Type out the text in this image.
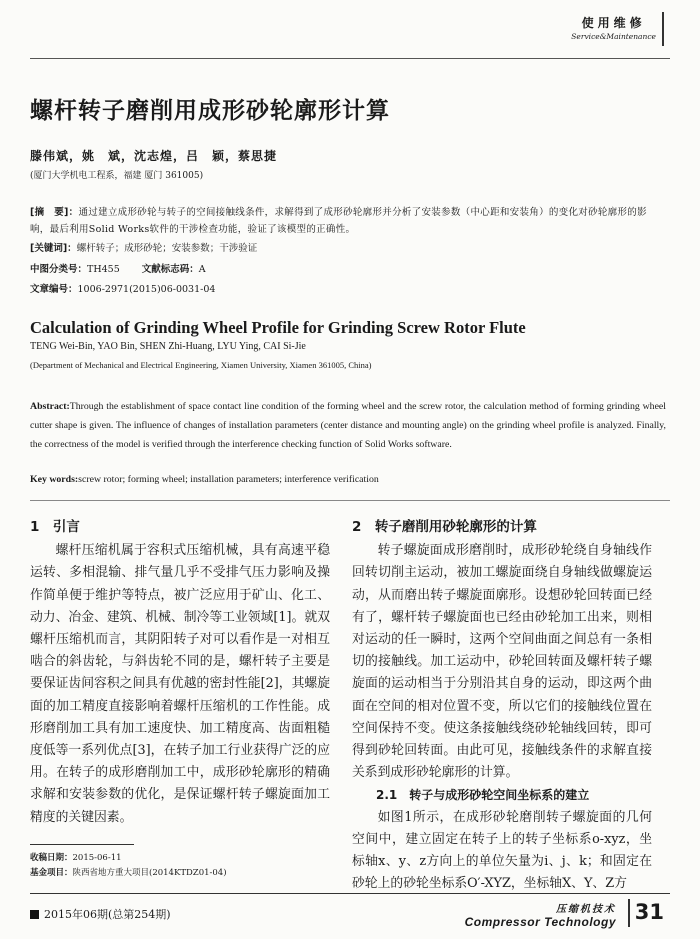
使用维修
Service&Maintenance
螺杆转子磨削用成形砂轮廓形计算
滕伟斌，姚　斌，沈志煌，吕　颖，蔡思捷
(厦门大学机电工程系，福建 厦门 361005)
[摘　要]：通过建立成形砂轮与转子的空间接触线条件，求解得到了成形砂轮廓形并分析了安装参数（中心距和安装角）的变化对砂轮廓形的影响，最后利用Solid Works软件的干涉检查功能，验证了该模型的正确性。
[关键词]：螺杆转子；成形砂轮；安装参数；干涉验证
中图分类号：TH455 文献标志码：A
文章编号：1006-2971(2015)06-0031-04
Calculation of Grinding Wheel Profile for Grinding Screw Rotor Flute
TENG Wei-Bin, YAO Bin, SHEN Zhi-Huang, LYU Ying, CAI Si-Jie
(Department of Mechanical and Electrical Engineering, Xiamen University, Xiamen 361005, China)
Abstract:Through the establishment of space contact line condition of the forming wheel and the screw rotor, the calculation method of forming grinding wheel cutter shape is given. The influence of changes of installation parameters (center distance and mounting angle) on the grinding wheel profile is analyzed. Finally, the correctness of the model is verified through the interference checking function of Solid Works software.
Key words:screw rotor; forming wheel; installation parameters; interference verification
1　引言

螺杆压缩机属于容积式压缩机械，具有高速平稳运转、多相混输、排气量几乎不受排气压力影响及操作简单便于维护等特点，被广泛应用于矿山、化工、动力、冶金、建筑、机械、制冷等工业领域[1]。就双螺杆压缩机而言，其阴阳转子对可以看作是一对相互啮合的斜齿轮，与斜齿轮不同的是，螺杆转子主要是要保证齿间容积之间具有优越的密封性能[2]，其螺旋面的加工精度直接影响着螺杆压缩机的工作性能。成形磨削加工具有加工速度快、加工精度高、齿面粗糙度低等一系列优点[3]，在转子加工行业获得广泛的应用。在转子的成形磨削加工中，成形砂轮廓形的精确求解和安装参数的优化，是保证螺杆转子螺旋面加工精度的关键因素。

2　转子磨削用砂轮廓形的计算

转子螺旋面成形磨削时，成形砂轮绕自身轴线作回转切削主运动，被加工螺旋面绕自身轴线做螺旋运动，从而磨出转子螺旋面廓形。设想砂轮回转面已经有了，螺杆转子螺旋面也已经由砂轮加工出来，则相对运动的任一瞬时，这两个空间曲面之间总有一条相切的接触线。加工运动中，砂轮回转面及螺杆转子螺旋面的运动相当于分别沿其自身的运动，即这两个曲面在空间的相对位置不变，所以它们的接触线位置在空间保持不变。使这条接触线绕砂轮轴线回转，即可得到砂轮回转面。由此可见，接触线条件的求解直接关系到成形砂轮廓形的计算。

2.1　转子与成形砂轮空间坐标系的建立

如图1所示，在成形砂轮磨削转子螺旋面的几何空间中，建立固定在转子上的转子坐标系o-xyz，坐标轴x、y、z方向上的单位矢量为i、j、k；和固定在砂轮上的砂轮坐标系O′-XYZ，坐标轴X、Y、Z方

收稿日期：2015-06-11
基金项目：陕西省地方重大项目(2014KTDZ01-04)
2015年06期(总第254期)	压缩机技术
Compressor Technology 31
